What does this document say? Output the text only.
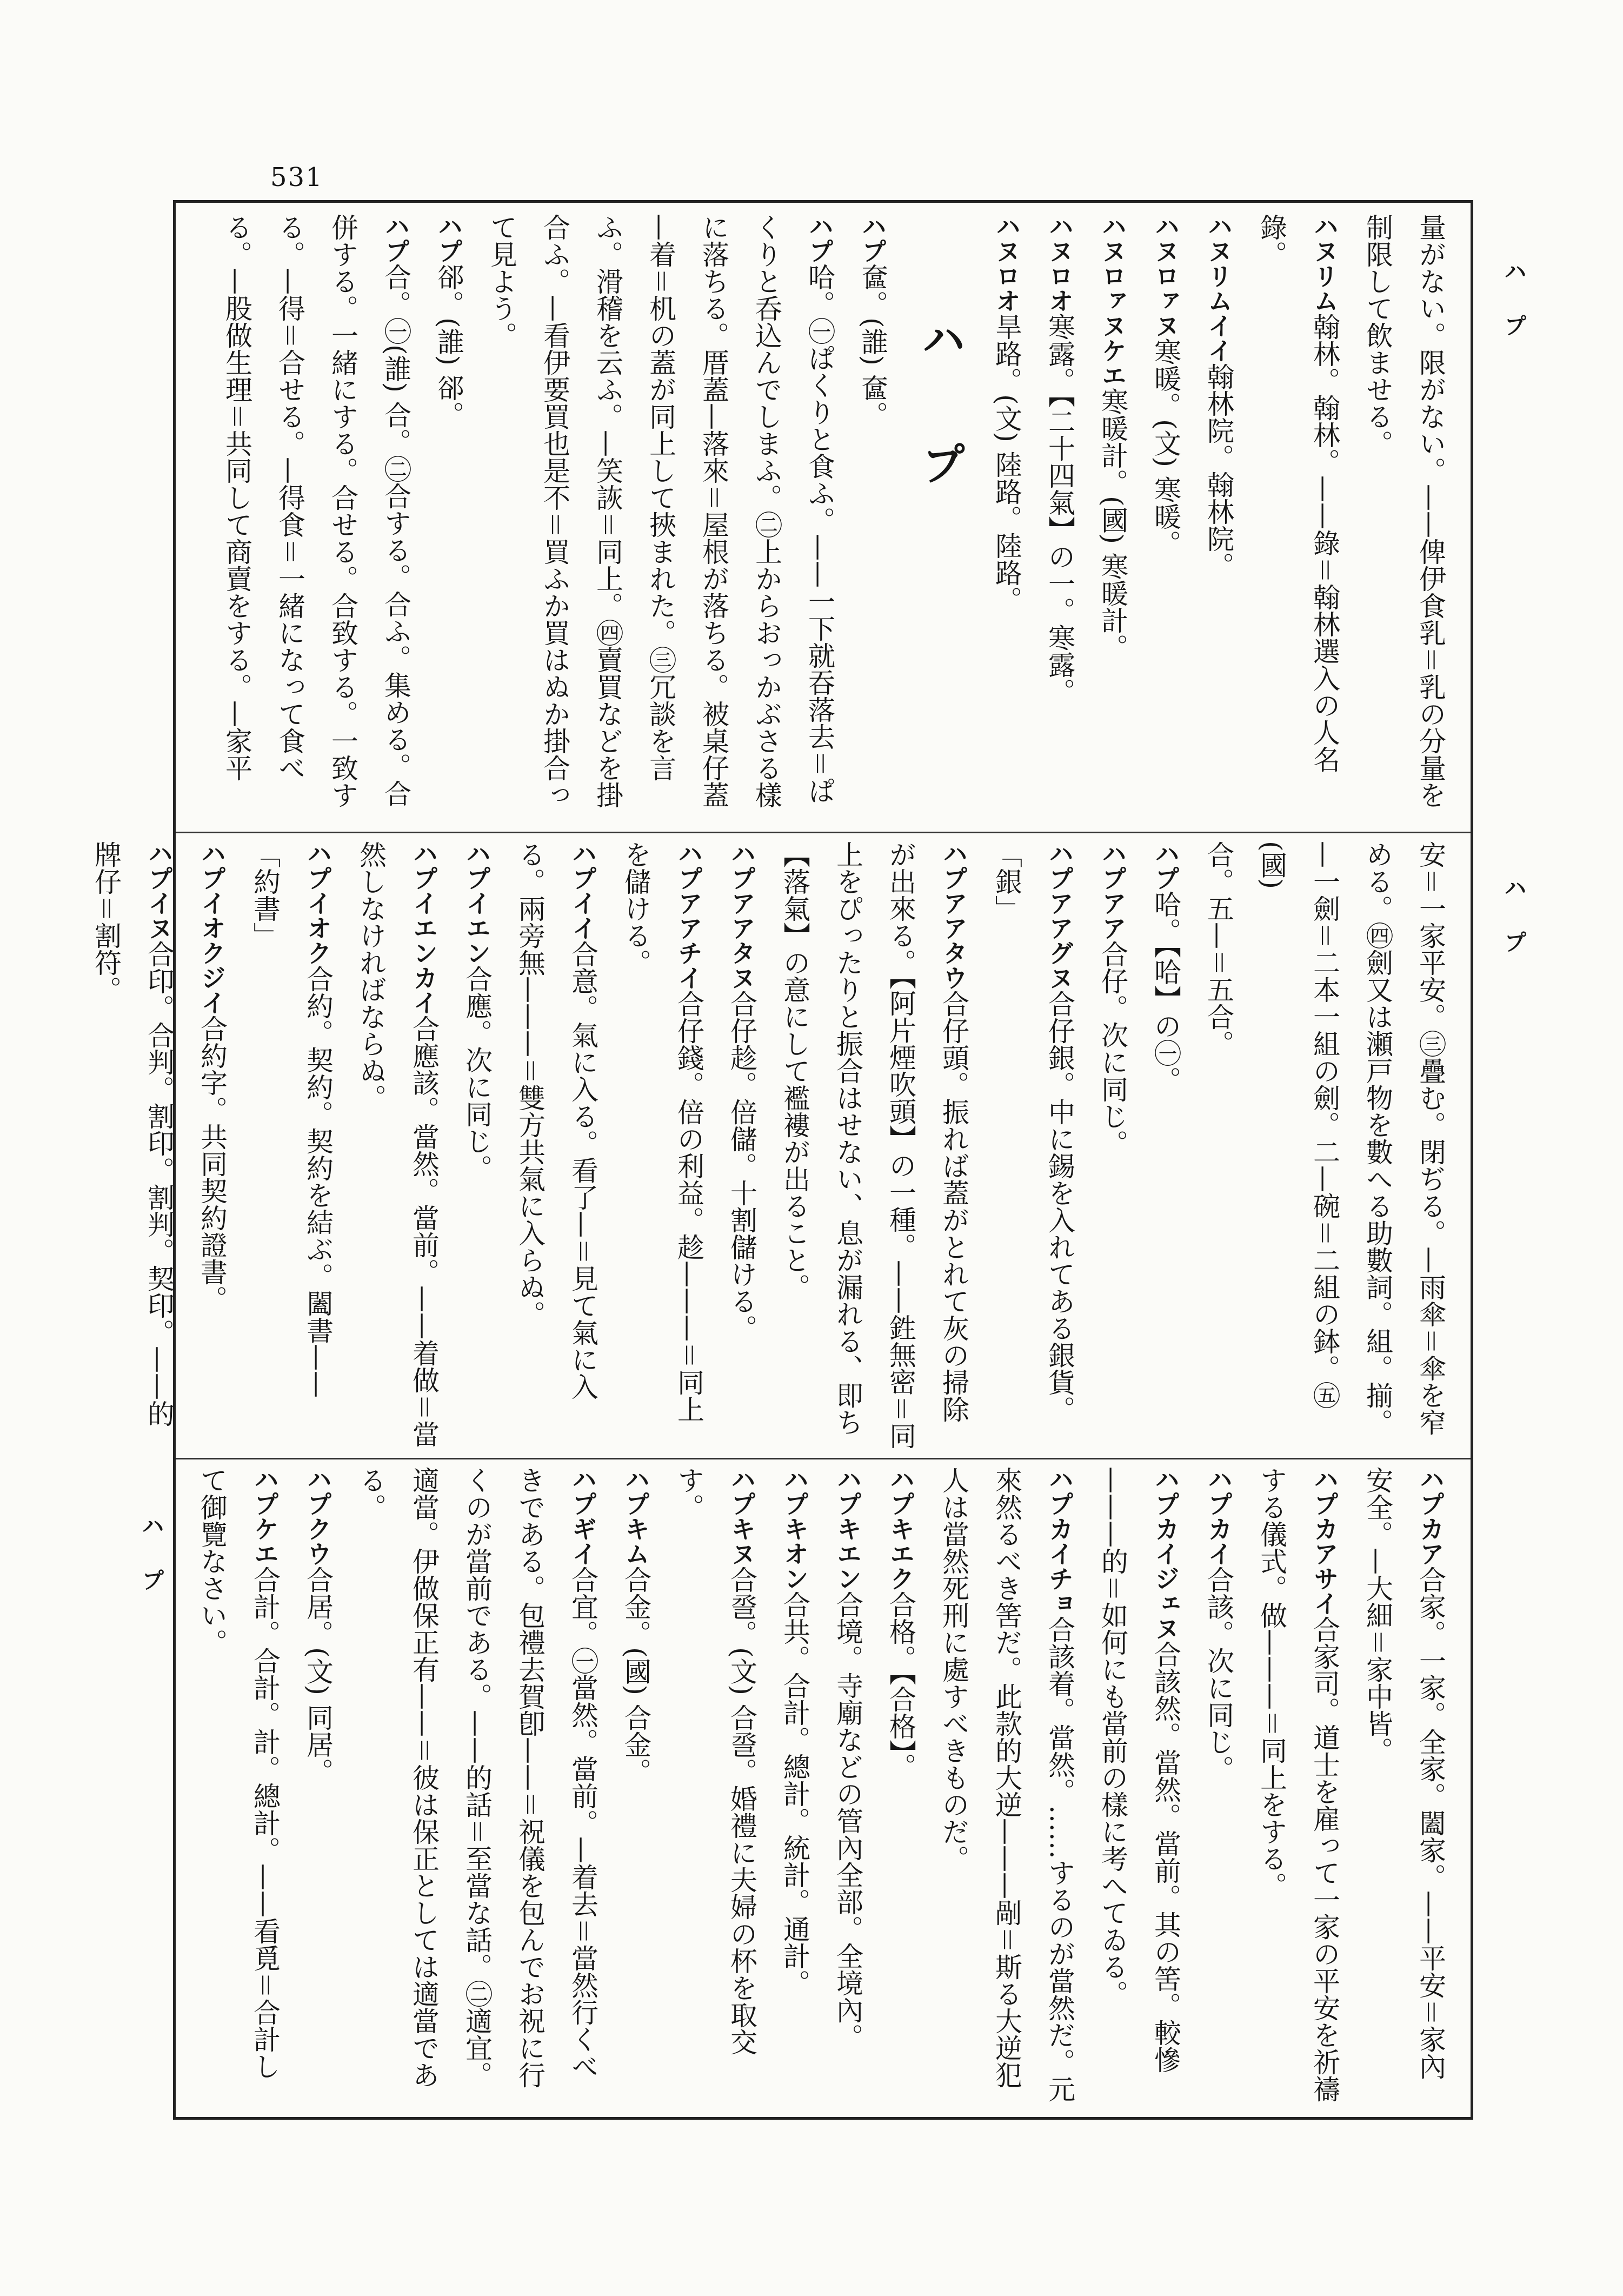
531
ハ プ
ハ プ
ハ プ
量がない。限がない。——俾伊食乳＝乳の分量を制限して飲ませる。
ハヌリム翰林。翰林。——錄＝翰林選入の人名錄。
ハヌリムイイ翰林院。翰林院。
ハヌロァヌ寒暖。(文) 寒暖。
ハヌロァヌケエ寒暖計。(國) 寒暖計。
ハヌロオ寒露。【二十四氣】の一。寒露。
ハヌロオ旱路。(文) 陸路。陸路。
ハ プ
ハプ奩。(誰) 奩。
ハプ哈。㊀ぱくりと食ふ。——一下就吞落去＝ぱくりと呑込んでしまふ。㊁上からおっかぶさる樣に落ちる。厝蓋—落來＝屋根が落ちる。被桌仔蓋—着＝机の蓋が同上して挾まれた。㊂冗談を言ふ。滑稽を云ふ。—笑詼＝同上。㊃賣買などを掛合ふ。—看伊要買也是不＝買ふか買はぬか掛合って見よう。
ハプ郤。(誰) 郤。
ハプ合。㊀(誰) 合。㊁合する。合ふ。集める。合併する。一緒にする。合せる。合致する。一致する。—得＝合せる。—得食＝一緒になって食べる。—股做生理＝共同して商賣をする。—家平
安＝一家平安。㊂疊む。閉ぢる。—雨傘＝傘を窄める。㊃劍又は瀬戸物を數へる助數詞。組。揃。—一劍＝二本一組の劍。二—碗＝二組の鉢。㊄(國)
合。五—＝五合。
ハプ哈。【哈】の㊀。
ハプアア合仔。次に同じ。
ハプアアグヌ合仔銀。中に錫を入れてある銀貨。「銀」
ハプアアタウ合仔頭。振れば蓋がとれて灰の掃除が出來る。【阿片煙吹頭】の一種。——鉎無密＝同上をぴったりと振合はせない、息が漏れる、即ち【落氣】の意にして襤褸が出ること。
ハプアアタヌ合仔趁。倍儲。十割儲ける。
ハプアアチイ合仔錢。倍の利益。趁———＝同上を儲ける。
ハプイイ合意。氣に入る。看了—＝見て氣に入る。兩旁無———＝雙方共氣に入らぬ。
ハプイエン合應。次に同じ。
ハプイエンカイ合應該。當然。當前。——着做＝當然しなければならぬ。
ハプイオク合約。契約。契約を結ぶ。闔書——「約書」
ハプイオクジイ合約字。共同契約證書。
ハプイヌ合印。合判。割印。割判。契印。——的牌仔＝割符。
ハプカア合家。一家。全家。闔家。——平安＝家內安全。—大細＝家中皆。
ハプカアサイ合家司。道士を雇って一家の平安を祈禱する儀式。做———＝同上をする。
ハプカイ合該。次に同じ。
ハプカイジェヌ合該然。當然。當前。其の筈。較慘———的＝如何にも當前の樣に考へてゐる。
ハプカイチョ合該着。當然。……するのが當然だ。元來然るべき筈だ。此款的大逆———剮＝斯る大逆犯人は當然死刑に處すべきものだ。
ハプキエク合格。【合格】。
ハプキエン合境。寺廟などの管內全部。全境內。
ハプキオン合共。合計。總計。統計。通計。
ハプキヌ合巹。(文) 合巹。婚禮に夫婦の杯を取交す。
ハプキム合金。(國) 合金。
ハプギイ合宜。㊀當然。當前。—着去＝當然行くべきである。包禮去賀卽——＝祝儀を包んでお祝に行くのが當前である。——的話＝至當な話。㊁適宜。適當。伊做保正有——＝彼は保正としては適當である。
ハプクウ合居。(文) 同居。
ハプケエ合計。合計。計。總計。——看覓＝合計して御覽なさい。
